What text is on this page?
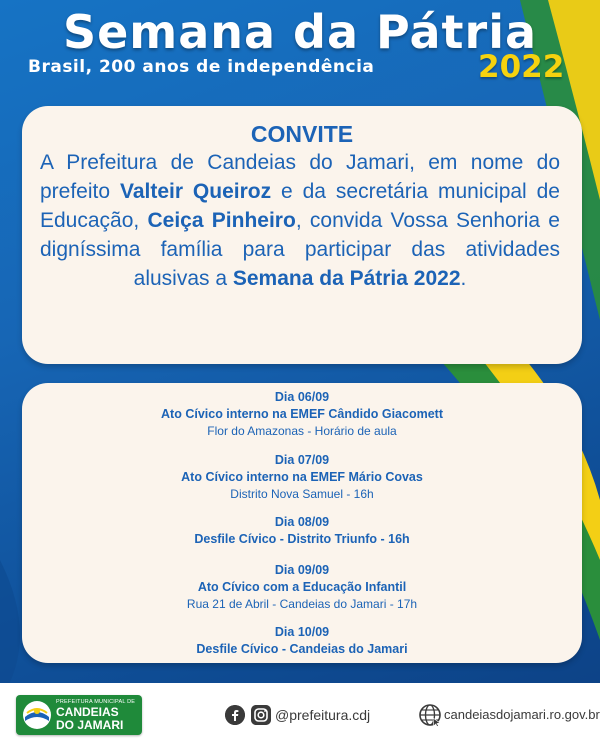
Semana da Pátria
Brasil, 200 anos de independência	2022
CONVITE
A Prefeitura de Candeias do Jamari, em nome do prefeito Valteir Queiroz e da secretária municipal de Educação, Ceiça Pinheiro, convida Vossa Senhoria e digníssima família para participar das atividades alusivas a Semana da Pátria 2022.
Dia 06/09
Ato Cívico interno na EMEF Cândido Giacomett
Flor do Amazonas - Horário de aula
Dia 07/09
Ato Cívico interno na EMEF Mário Covas
Distrito Nova Samuel - 16h
Dia 08/09
Desfile Cívico - Distrito Triunfo - 16h
Dia 09/09
Ato Cívico com a Educação Infantil
Rua 21 de Abril - Candeias do Jamari - 17h
Dia 10/09
Desfile Cívico - Candeias do Jamari
PREFEITURA MUNICIPAL DE
CANDEIAS
DO JAMARI
@prefeitura.cdj	candeiasdojamari.ro.gov.br
